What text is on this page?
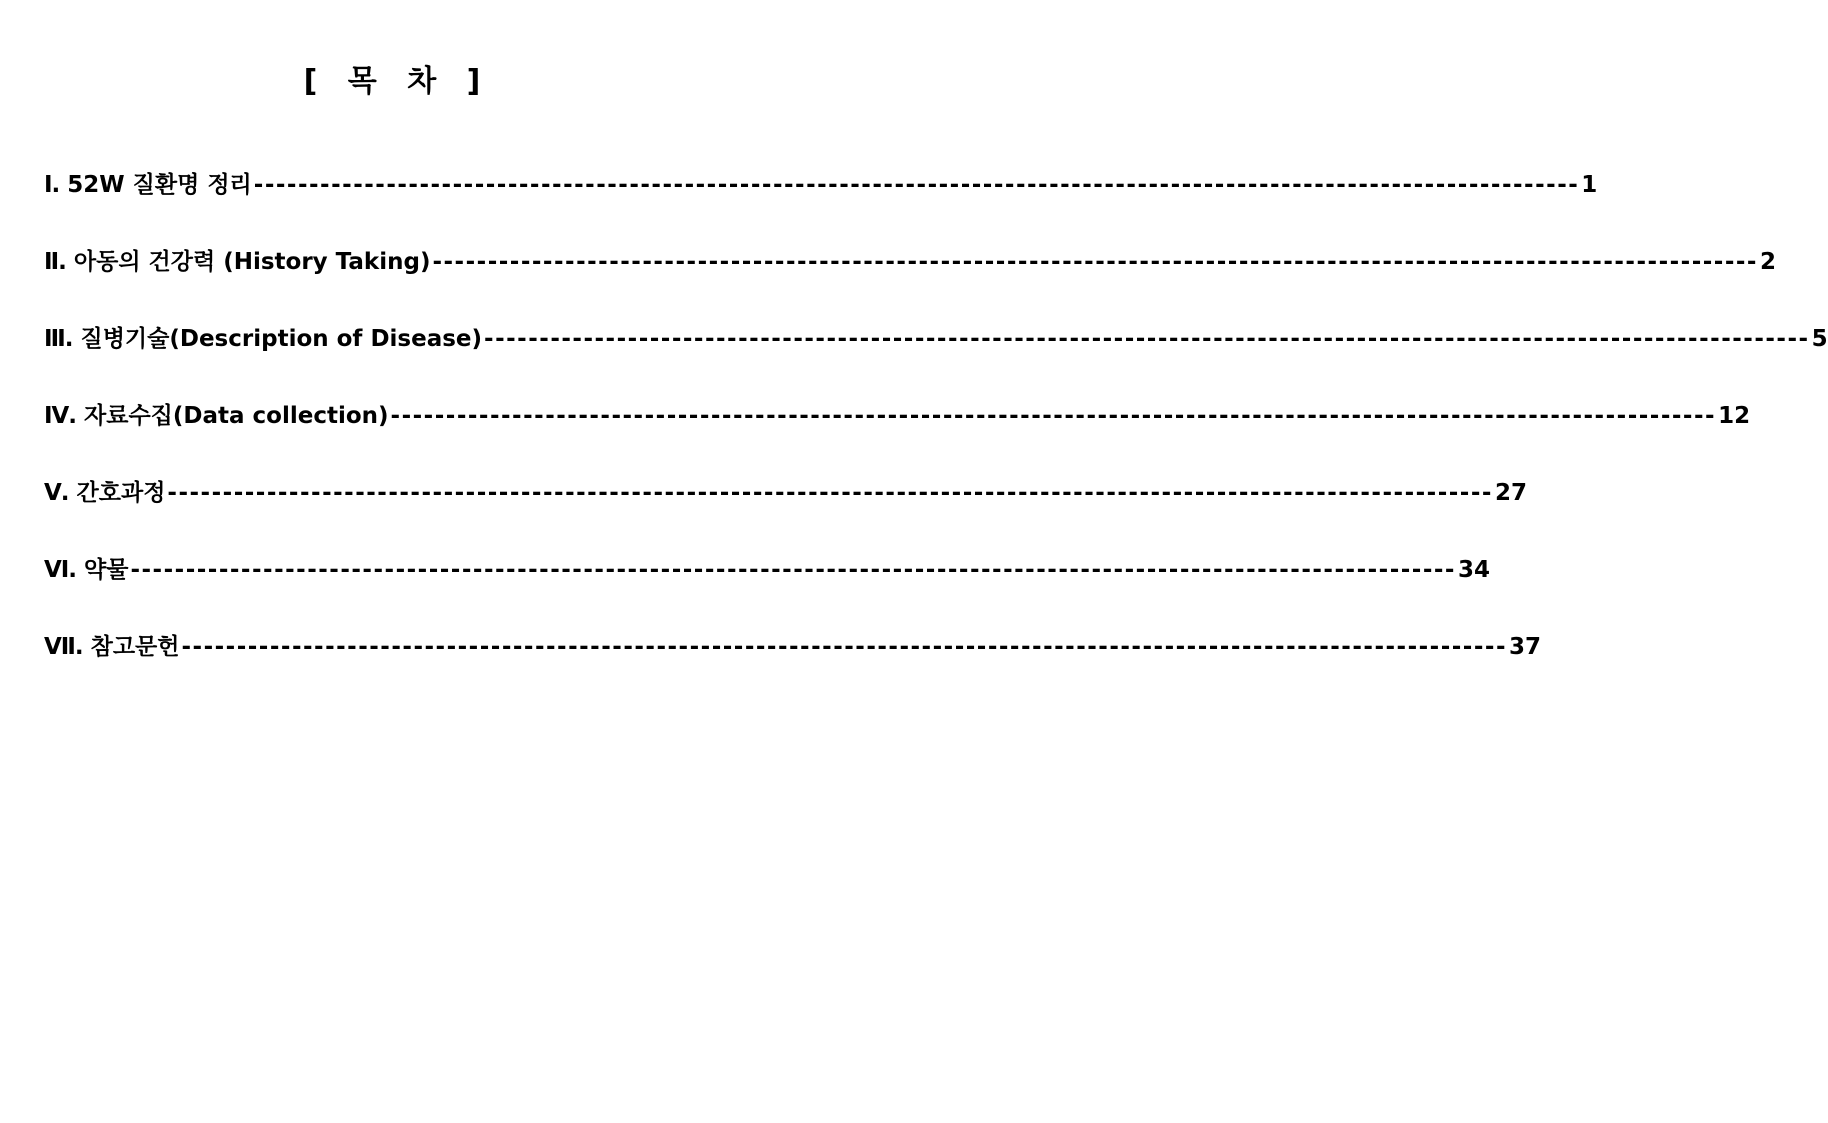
[ 목 차 ]
Ⅰ. 52W 질환명 정리 ------------------------------------------------------------------------------------------------------------------------ 1
Ⅱ. 아동의 건강력 (History Taking) ------------------------------------------------------------------------------------------------------------------------ 2
Ⅲ. 질병기술(Description of Disease) ------------------------------------------------------------------------------------------------------------------------ 5
Ⅳ. 자료수집(Data collection) ------------------------------------------------------------------------------------------------------------------------ 12
Ⅴ. 간호과정 ------------------------------------------------------------------------------------------------------------------------ 27
Ⅵ. 약물 ------------------------------------------------------------------------------------------------------------------------ 34
Ⅶ. 참고문헌 ------------------------------------------------------------------------------------------------------------------------ 37
